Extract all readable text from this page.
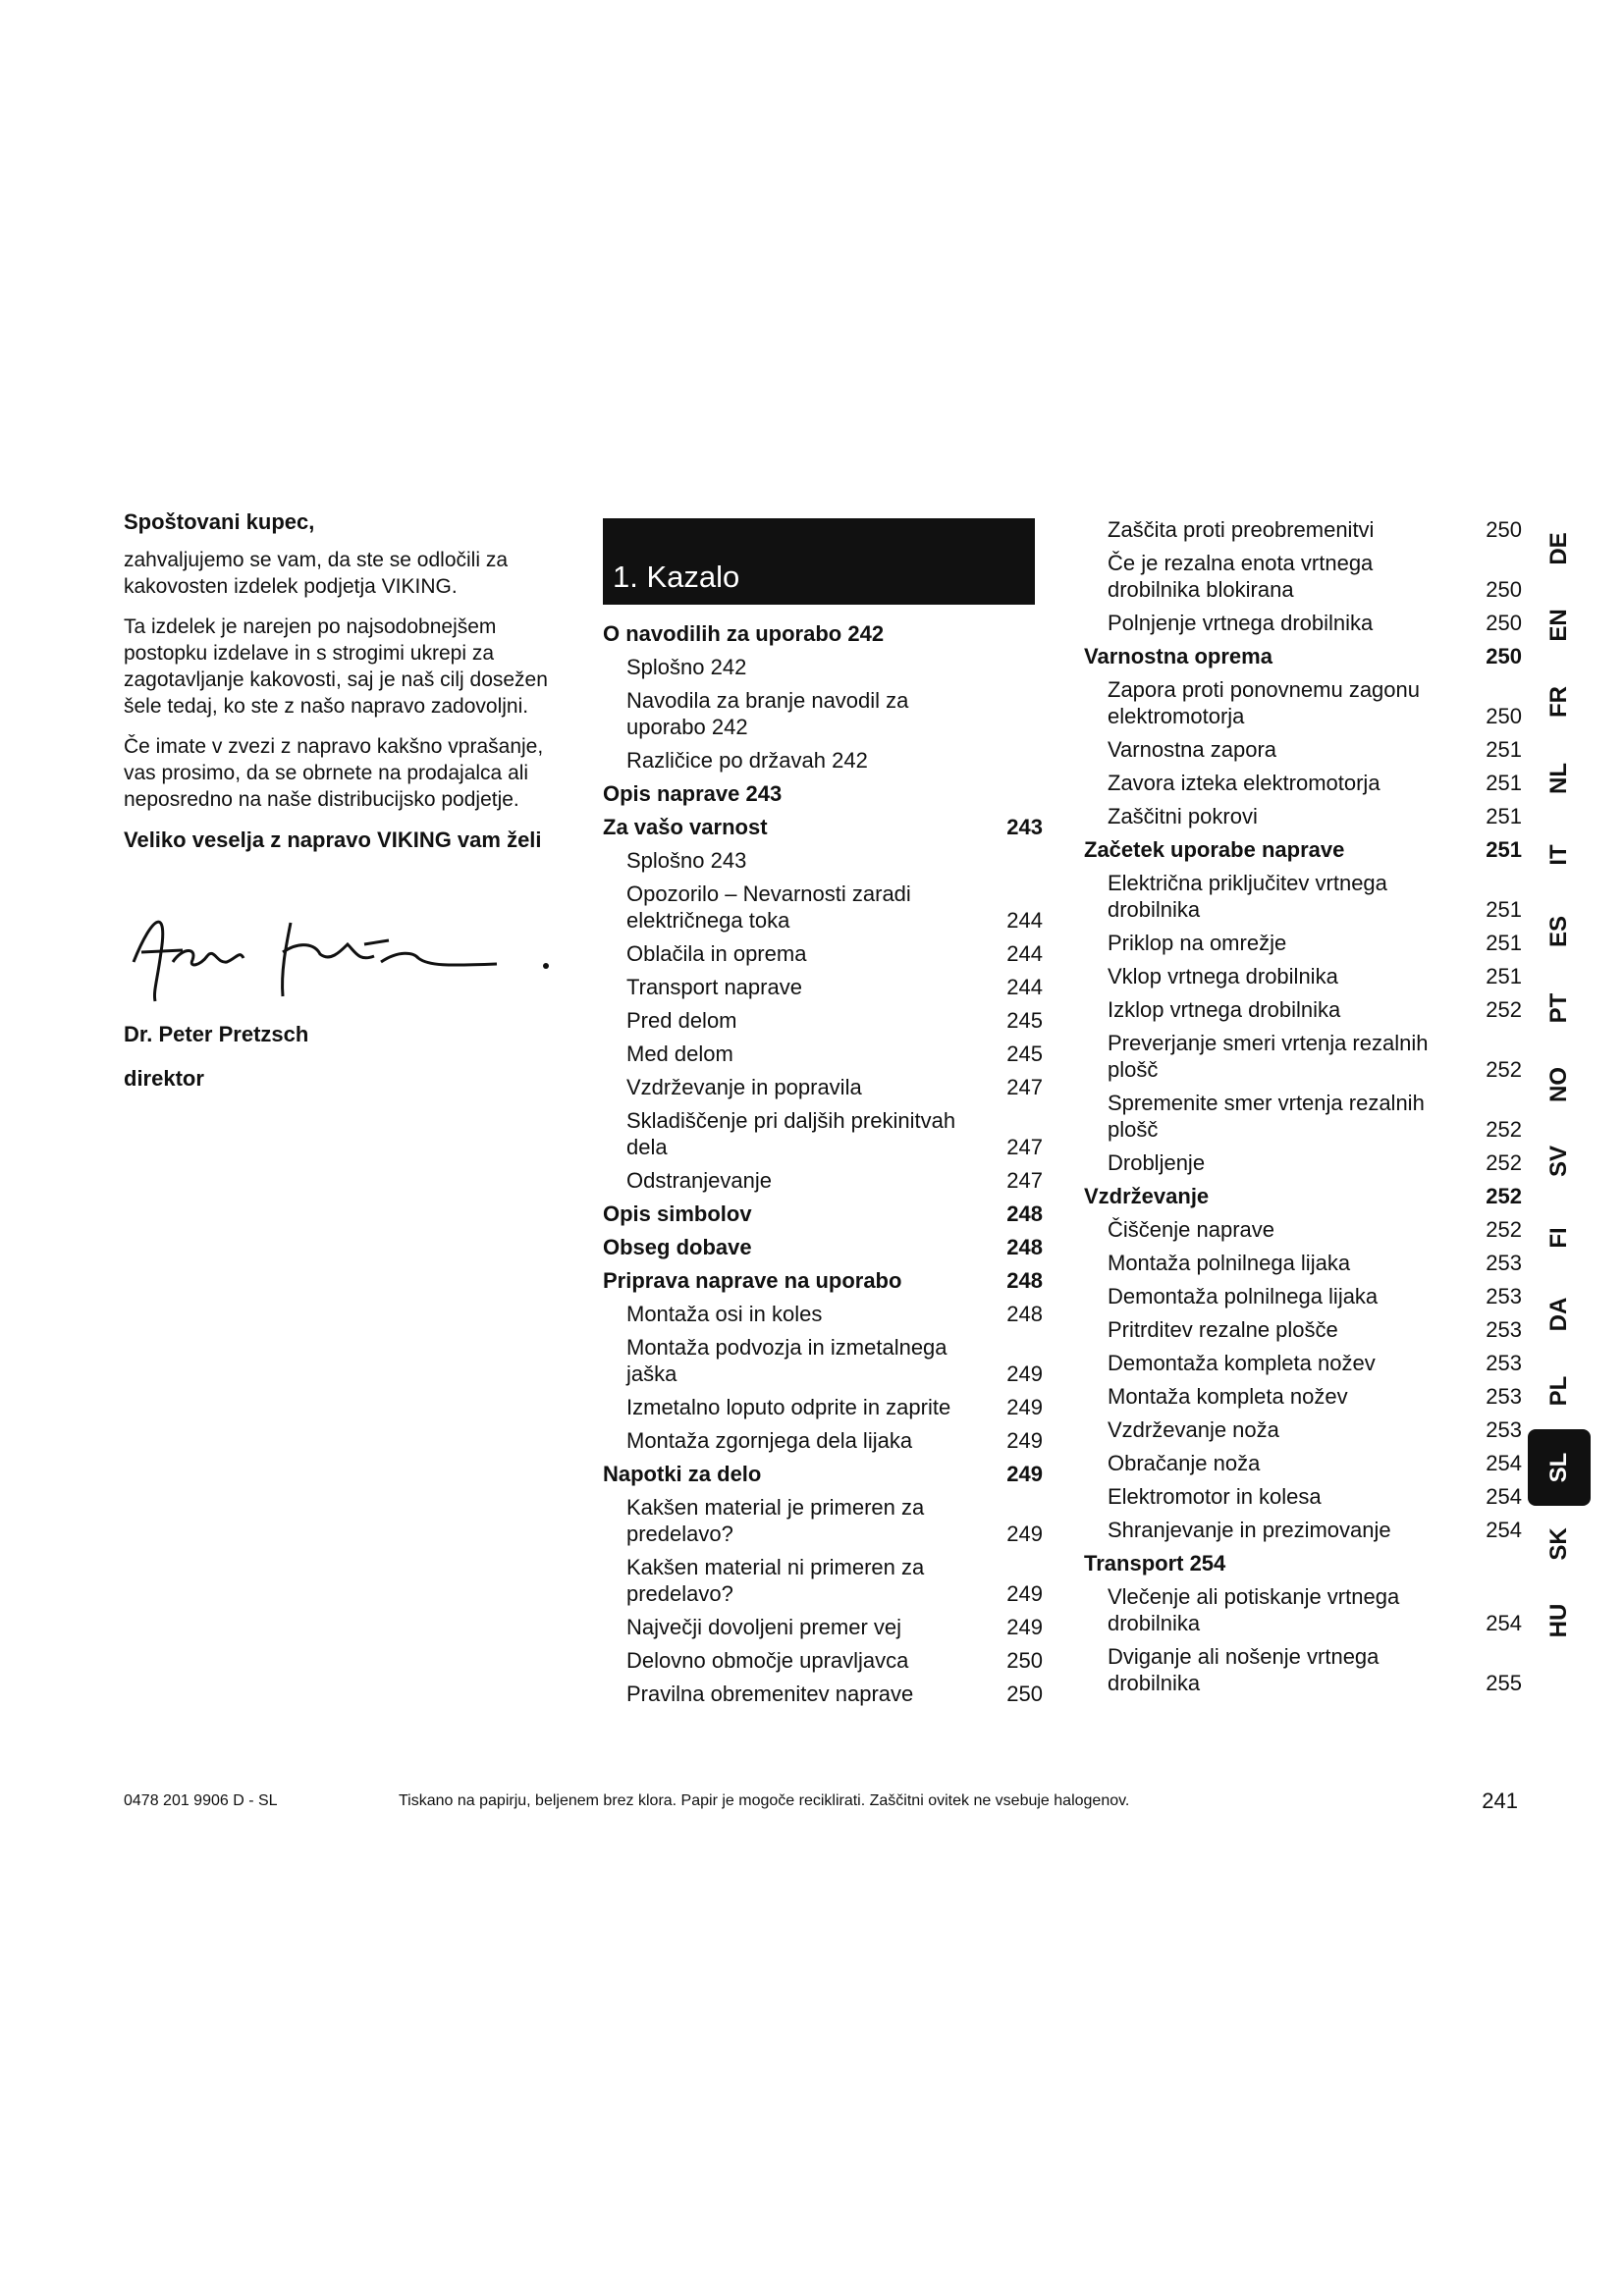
Spoštovani kupec,

zahvaljujemo se vam, da ste se odločili za kakovosten izdelek podjetja VIKING.

Ta izdelek je narejen po najsodobnejšem postopku izdelave in s strogimi ukrepi za zagotavljanje kakovosti, saj je naš cilj dosežen šele tedaj, ko ste z našo napravo zadovoljni.

Če imate v zvezi z napravo kakšno vprašanje, vas prosimo, da se obrnete na prodajalca ali neposredno na naše distribucijsko podjetje.

Veliko veselja z napravo VIKING vam želi

Dr. Peter Pretzsch

direktor

1. Kazalo
O navodilih za uporabo 242
Splošno 242
Navodila za branje navodil za uporabo 242
Različice po državah 242
Opis naprave 243
Za vašo varnost	243
Splošno 243
Opozorilo – Nevarnosti zaradi električnega toka	244
Oblačila in oprema	244
Transport naprave	244
Pred delom	245
Med delom	245
Vzdrževanje in popravila	247
Skladiščenje pri daljših prekinitvah dela	247
Odstranjevanje	247
Opis simbolov	248
Obseg dobave	248
Priprava naprave na uporabo	248
Montaža osi in koles	248
Montaža podvozja in izmetalnega jaška	249
Izmetalno loputo odprite in zaprite	249
Montaža zgornjega dela lijaka	249
Napotki za delo	249
Kakšen material je primeren za predelavo?	249
Kakšen material ni primeren za predelavo?	249
Največji dovoljeni premer vej	249
Delovno območje upravljavca	250
Pravilna obremenitev naprave	250
Zaščita proti preobremenitvi	250
Če je rezalna enota vrtnega drobilnika blokirana	250
Polnjenje vrtnega drobilnika	250
Varnostna oprema	250
Zapora proti ponovnemu zagonu elektromotorja	250
Varnostna zapora	251
Zavora izteka elektromotorja	251
Zaščitni pokrovi	251
Začetek uporabe naprave	251
Električna priključitev vrtnega drobilnika	251
Priklop na omrežje	251
Vklop vrtnega drobilnika	251
Izklop vrtnega drobilnika	252
Preverjanje smeri vrtenja rezalnih plošč	252
Spremenite smer vrtenja rezalnih plošč	252
Drobljenje	252
Vzdrževanje	252
Čiščenje naprave	252
Montaža polnilnega lijaka	253
Demontaža polnilnega lijaka	253
Pritrditev rezalne plošče	253
Demontaža kompleta nožev	253
Montaža kompleta nožev	253
Vzdrževanje noža	253
Obračanje noža	254
Elektromotor in kolesa	254
Shranjevanje in prezimovanje	254
Transport 254
Vlečenje ali potiskanje vrtnega drobilnika	254
Dviganje ali nošenje vrtnega drobilnika	255
DE
EN
FR
NL
IT
ES
PT
NO
SV
FI
DA
PL
SL
SK
HU
0478 201 9906 D - SL	Tiskano na papirju, beljenem brez klora. Papir je mogoče reciklirati. Zaščitni ovitek ne vsebuje halogenov.	241
